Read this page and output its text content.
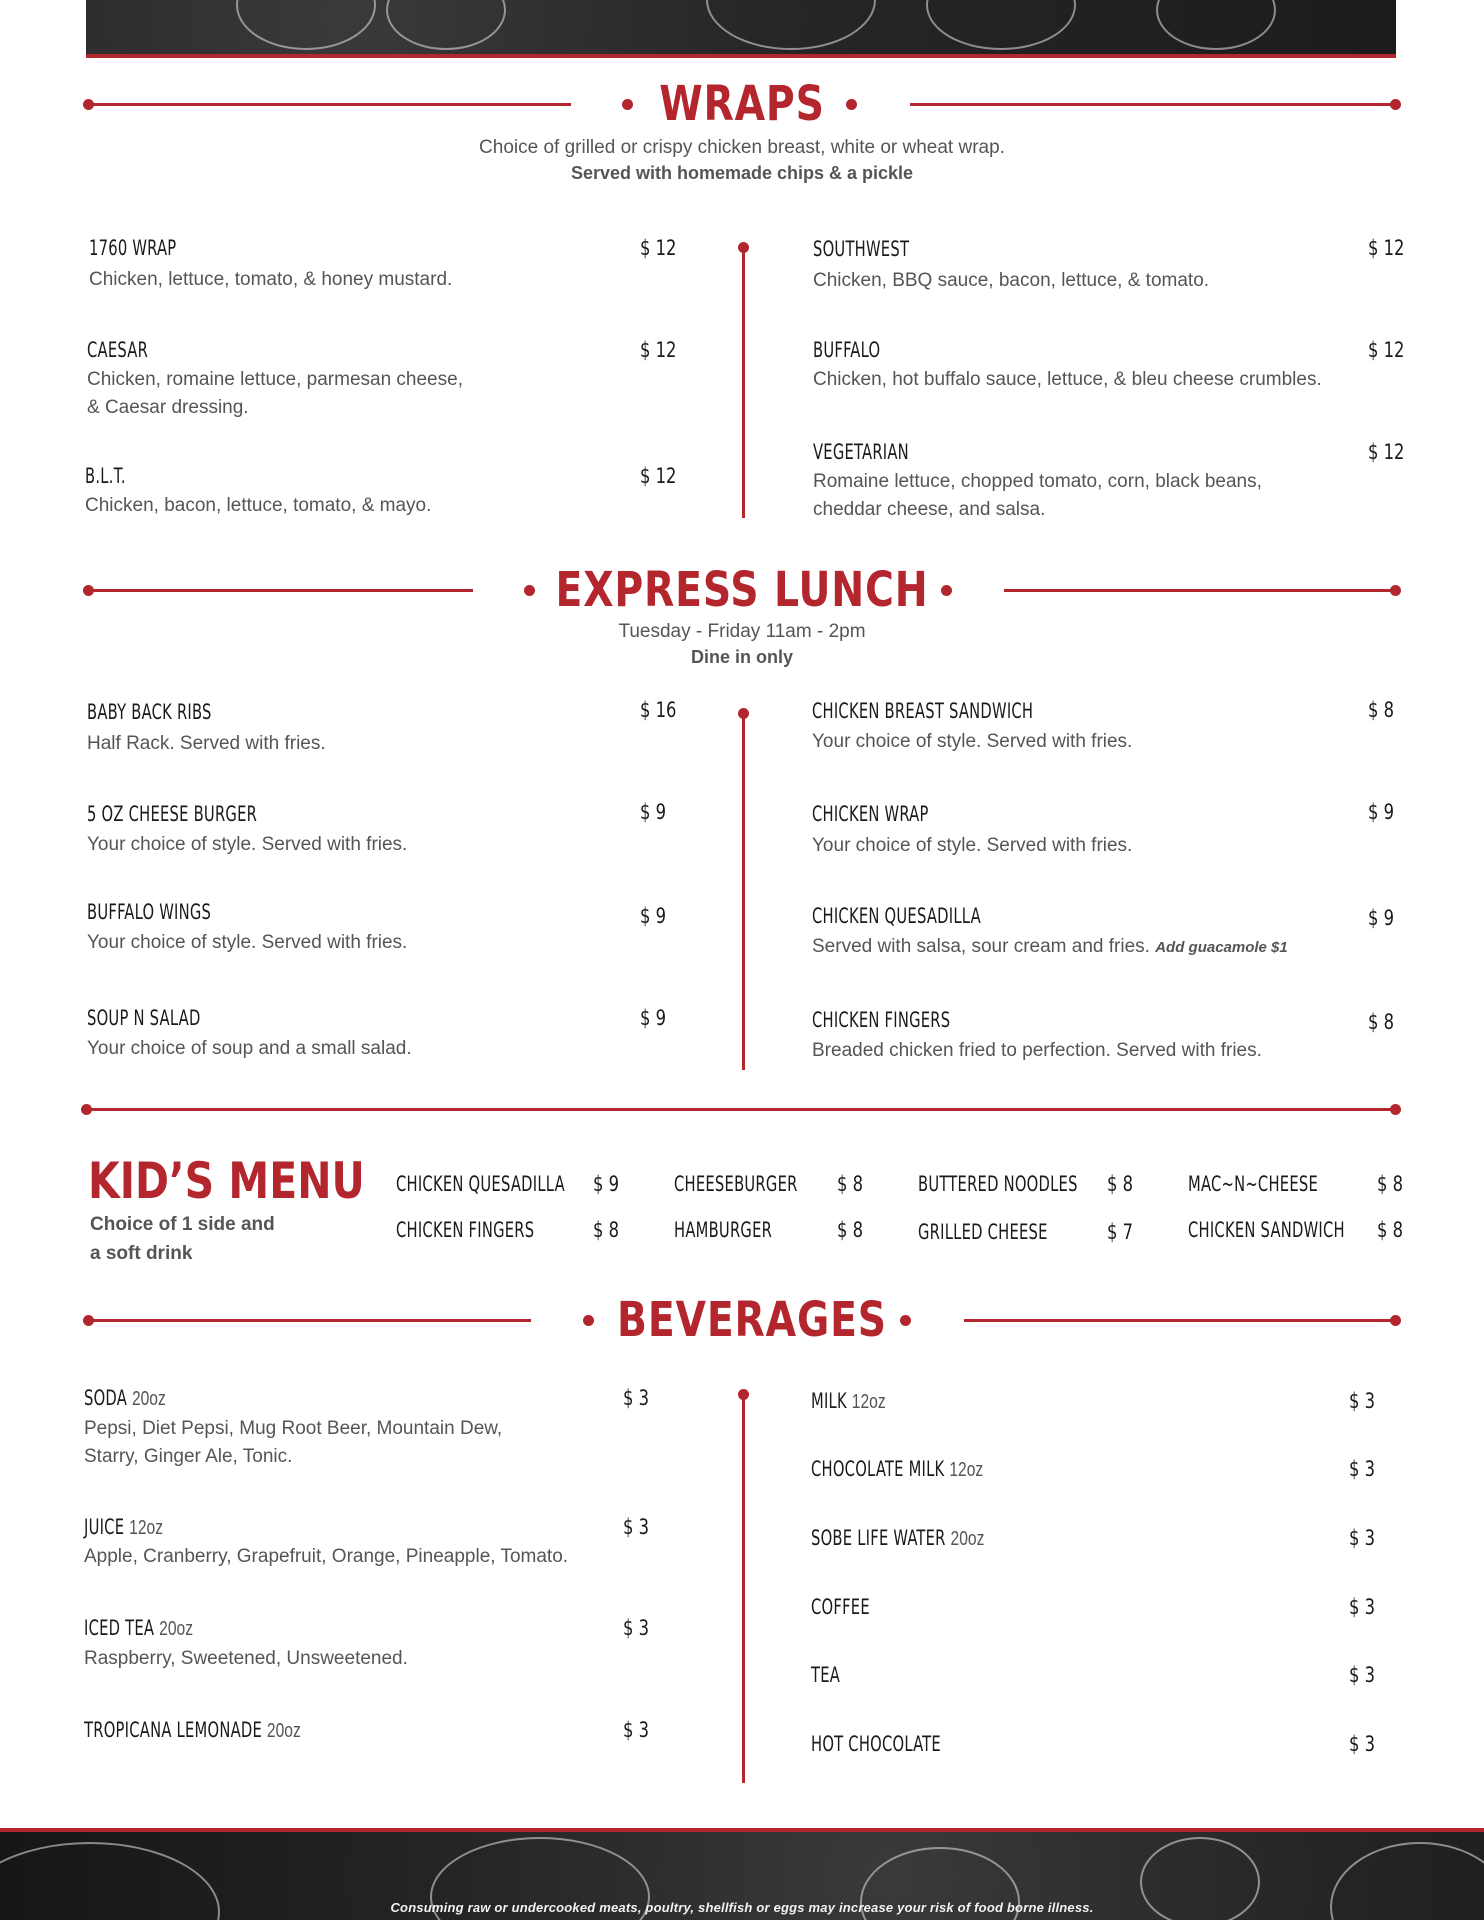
WRAPS
Choice of grilled or crispy chicken breast, white or wheat wrap.
Served with homemade chips & a pickle
1760 WRAP	$ 12
Chicken, lettuce, tomato, & honey mustard.
CAESAR	$ 12
Chicken, romaine lettuce, parmesan cheese,
& Caesar dressing.
B.L.T.	$ 12
Chicken, bacon, lettuce, tomato, & mayo.
SOUTHWEST	$ 12
Chicken, BBQ sauce, bacon, lettuce, & tomato.
BUFFALO	$ 12
Chicken, hot buffalo sauce, lettuce, & bleu cheese crumbles.
VEGETARIAN	$ 12
Romaine lettuce, chopped tomato, corn, black beans,
cheddar cheese, and salsa.
EXPRESS LUNCH
Tuesday - Friday 11am - 2pm
Dine in only
BABY BACK RIBS	$ 16
Half Rack. Served with fries.
5 OZ CHEESE BURGER	$ 9
Your choice of style. Served with fries.
BUFFALO WINGS	$ 9
Your choice of style. Served with fries.
SOUP N SALAD	$ 9
Your choice of soup and a small salad.
CHICKEN BREAST SANDWICH	$ 8
Your choice of style. Served with fries.
CHICKEN WRAP	$ 9
Your choice of style. Served with fries.
CHICKEN QUESADILLA	$ 9
Served with salsa, sour cream and fries. Add guacamole $1
CHICKEN FINGERS	$ 8
Breaded chicken fried to perfection. Served with fries.
KID’S MENU
Choice of 1 side and
a soft drink
CHICKEN QUESADILLA $ 9
CHICKEN FINGERS	$ 8
CHEESEBURGER $ 8
HAMBURGER	$ 8
BUTTERED NOODLES $ 8
GRILLED CHEESE	$ 7
MAC~N~CHEESE	$ 8
CHICKEN SANDWICH $ 8
BEVERAGES
SODA 20oz	$ 3
Pepsi, Diet Pepsi, Mug Root Beer, Mountain Dew,
Starry, Ginger Ale, Tonic.
JUICE 12oz	$ 3
Apple, Cranberry, Grapefruit, Orange, Pineapple, Tomato.
ICED TEA 20oz	$ 3
Raspberry, Sweetened, Unsweetened.
TROPICANA LEMONADE 20oz	$ 3
MILK 12oz	$ 3
CHOCOLATE MILK 12oz	$ 3
SOBE LIFE WATER 20oz	$ 3
COFFEE	$ 3
TEA	$ 3
HOT CHOCOLATE	$ 3
Consuming raw or undercooked meats, poultry, shellfish or eggs may increase your risk of food borne illness.
